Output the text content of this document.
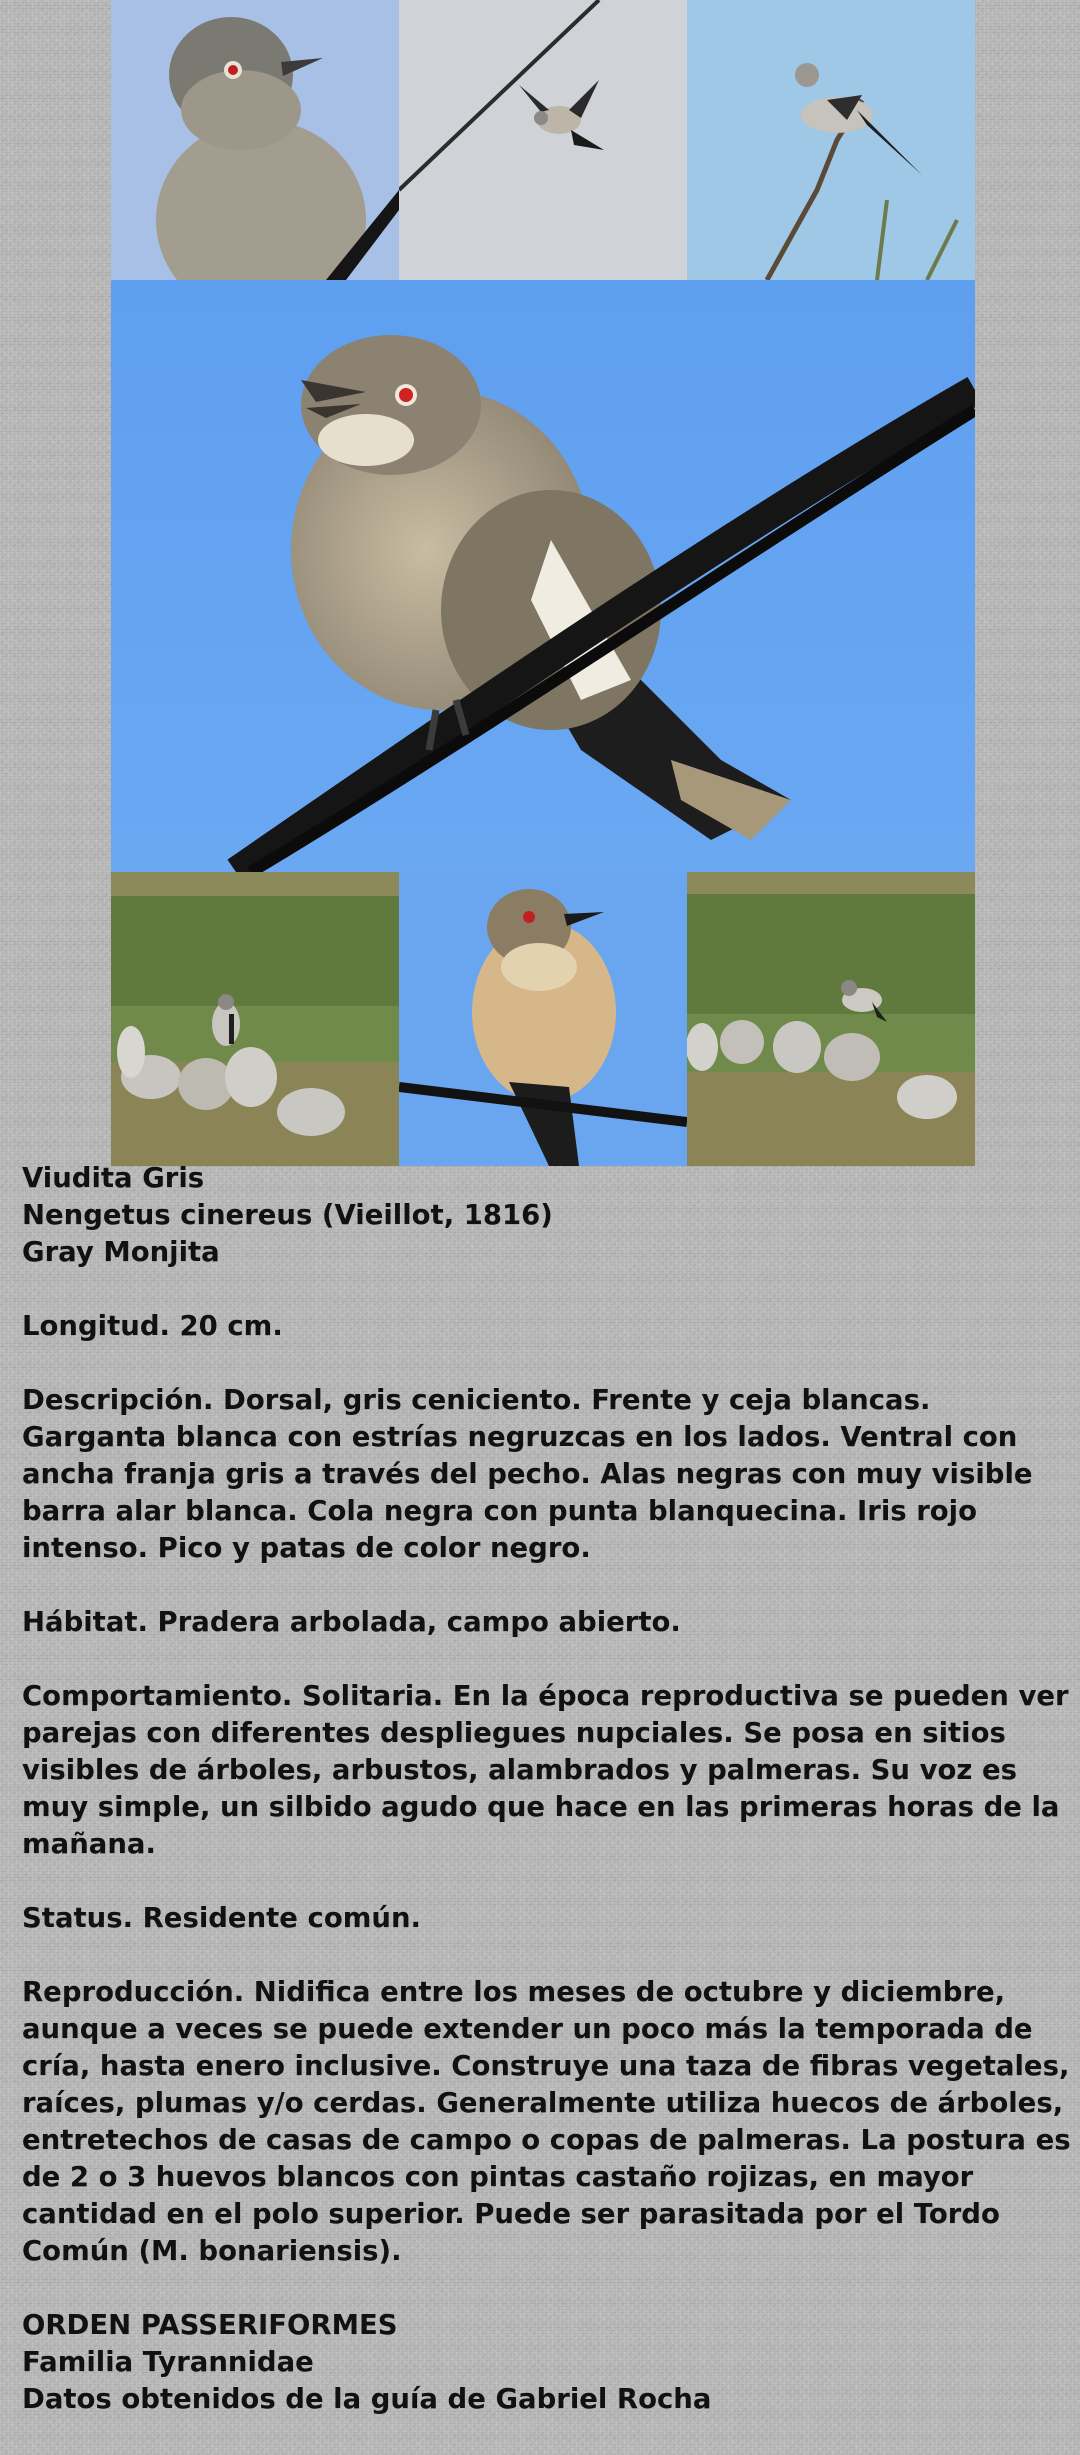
Viudita Gris
Nengetus cinereus (Vieillot, 1816)
Gray Monjita

Longitud. 20 cm.

Descripción. Dorsal, gris ceniciento. Frente y ceja blancas. Garganta blanca con estrías negruzcas en los lados. Ventral con ancha franja gris a través del pecho. Alas negras con muy visible barra alar blanca. Cola negra con punta blanquecina. Iris rojo intenso. Pico y patas de color negro.

Hábitat. Pradera arbolada, campo abierto.

Comportamiento. Solitaria. En la época reproductiva se pueden ver parejas con diferentes despliegues nupciales. Se posa en sitios visibles de árboles, arbustos, alambrados y palmeras. Su voz es muy simple, un silbido agudo que hace en las primeras horas de la mañana.

Status. Residente común.

Reproducción. Nidifica entre los meses de octubre y diciembre, aunque a veces se puede extender un poco más la temporada de cría, hasta enero inclusive. Construye una taza de fibras vegetales, raíces, plumas y/o cerdas. Generalmente utiliza huecos de árboles, entretechos de casas de campo o copas de palmeras. La postura es de 2 o 3 huevos blancos con pintas castaño rojizas, en mayor cantidad en el polo superior. Puede ser parasitada por el Tordo Común (M. bonariensis).

ORDEN PASSERIFORMES
Familia Tyrannidae
Datos obtenidos de la guía de Gabriel Rocha
